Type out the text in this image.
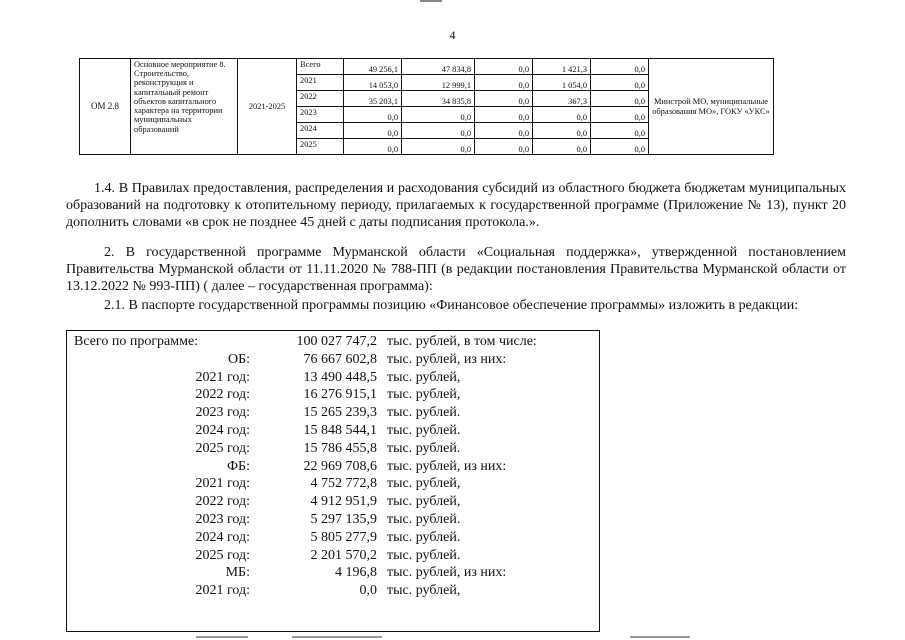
4
ОМ 2.8	Основное мероприятие 8. Строительство, реконструкция и капитальный ремонт объектов капитального характера на территории муниципальных образований	2021-2025	Всего	49 256,1	47 834,8	0,0	1 421,3	0,0	Минстрой МО, муниципальные образования МО», ГОКУ «УКС»
			2021	14 053,0	12 999,1	0,0	1 054,0	0,0	
			2022	35 203,1	34 835,8	0,0	367,3	0,0	
			2023	0,0	0,0	0,0	0,0	0,0	
			2024	0,0	0,0	0,0	0,0	0,0	
			2025	0,0	0,0	0,0	0,0	0,0	

1.4. В Правилах предоставления, распределения и расходования субсидий из областного бюджета бюджетам муниципальных образований на подготовку к отопительному периоду, прилагаемых к государственной программе (Приложение № 13), пункт 20 дополнить словами «в срок не позднее 45 дней с даты подписания протокола.».

2. В государственной программе Мурманской области «Социальная поддержка», утвержденной постановлением Правительства Мурманской области от 11.11.2020 № 788-ПП (в редакции постановления Правительства Мурманской области от 13.12.2022 № 993-ПП) ( далее – государственная программа):

2.1. В паспорте государственной программы позицию «Финансовое обеспечение программы» изложить в редакции:

Всего по программе:	100 027 747,2 тыс. рублей, в том числе:
ОБ:	76 667 602,8 тыс. рублей, из них:
2021 год:	13 490 448,5 тыс. рублей,
2022 год:	16 276 915,1 тыс. рублей,
2023 год:	15 265 239,3 тыс. рублей.
2024 год:	15 848 544,1 тыс. рублей.
2025 год:	15 786 455,8 тыс. рублей.
ФБ:	22 969 708,6 тыс. рублей, из них:
2021 год:	4 752 772,8 тыс. рублей,
2022 год:	4 912 951,9 тыс. рублей,
2023 год:	5 297 135,9 тыс. рублей.
2024 год:	5 805 277,9 тыс. рублей.
2025 год:	2 201 570,2 тыс. рублей.
МБ:	4 196,8 тыс. рублей, из них:
2021 год:	0,0 тыс. рублей,
